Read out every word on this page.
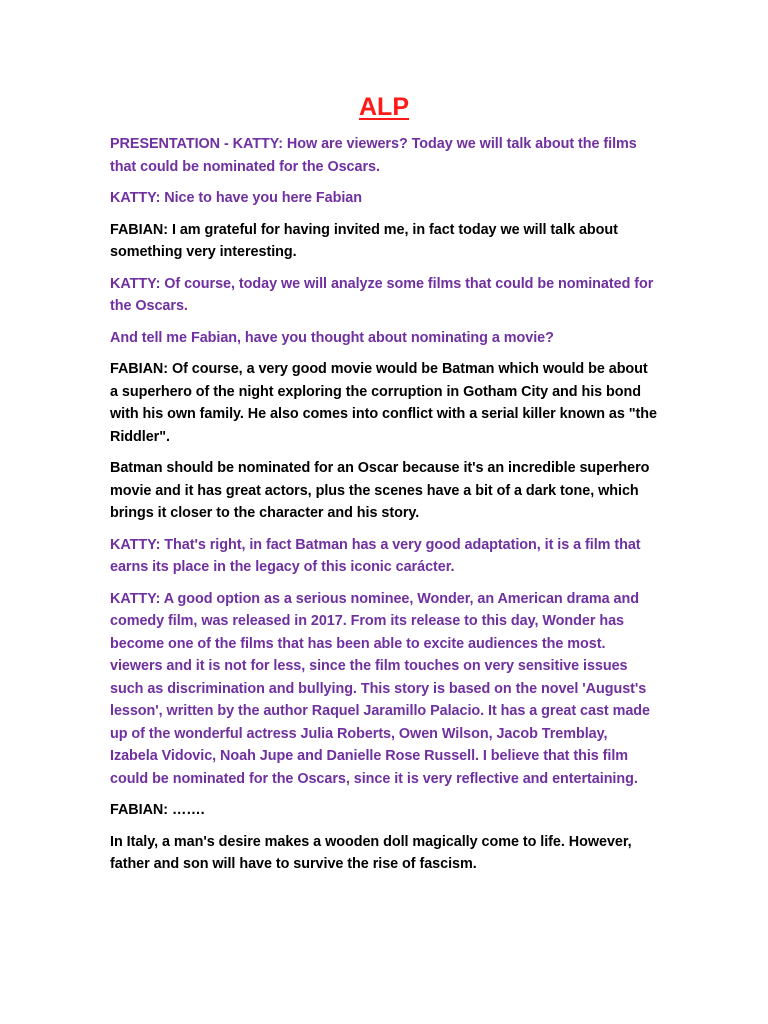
ALP

PRESENTATION - KATTY: How are viewers? Today we will talk about the films that could be nominated for the Oscars.

KATTY: Nice to have you here Fabian

FABIAN: I am grateful for having invited me, in fact today we will talk about something very interesting.

KATTY: Of course, today we will analyze some films that could be nominated for the Oscars.

And tell me Fabian, have you thought about nominating a movie?

FABIAN: Of course, a very good movie would be Batman which would be about a superhero of the night exploring the corruption in Gotham City and his bond with his own family. He also comes into conflict with a serial killer known as "the Riddler".

Batman should be nominated for an Oscar because it's an incredible superhero movie and it has great actors, plus the scenes have a bit of a dark tone, which brings it closer to the character and his story.

KATTY: That's right, in fact Batman has a very good adaptation, it is a film that earns its place in the legacy of this iconic carácter.

KATTY: A good option as a serious nominee, Wonder, an American drama and comedy film, was released in 2017. From its release to this day, Wonder has become one of the films that has been able to excite audiences the most. viewers and it is not for less, since the film touches on very sensitive issues such as discrimination and bullying. This story is based on the novel 'August's lesson', written by the author Raquel Jaramillo Palacio. It has a great cast made up of the wonderful actress Julia Roberts, Owen Wilson, Jacob Tremblay, Izabela Vidovic, Noah Jupe and Danielle Rose Russell. I believe that this film could be nominated for the Oscars, since it is very reflective and entertaining.

FABIAN: …….

In Italy, a man's desire makes a wooden doll magically come to life. However, father and son will have to survive the rise of fascism.
